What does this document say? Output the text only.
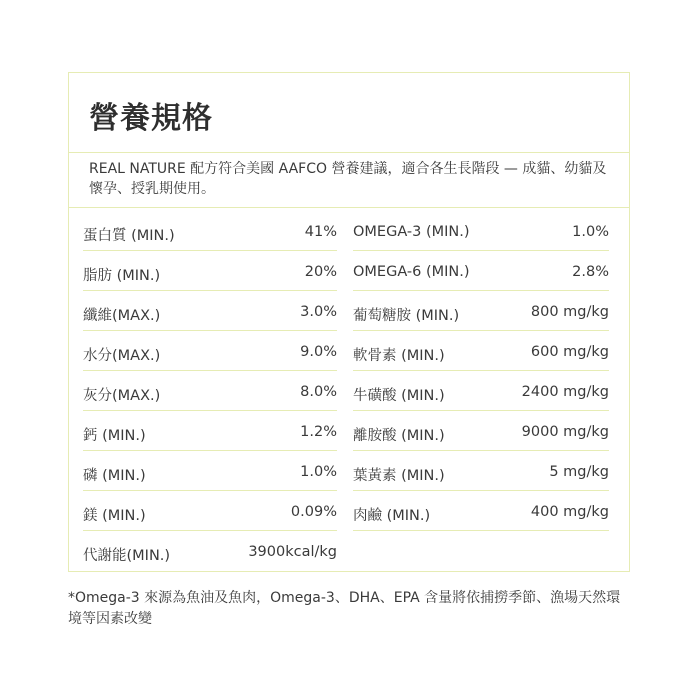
營養規格
REAL NATURE 配方符合美國 AAFCO 營養建議，適合各生長階段 — 成貓、幼貓及懷孕、授乳期使用。
蛋白質 (MIN.)	41%
脂肪 (MIN.)	20%
纖維(MAX.)	3.0%
水分(MAX.)	9.0%
灰分(MAX.)	8.0%
鈣 (MIN.)	1.2%
磷 (MIN.)	1.0%
鎂 (MIN.)	0.09%
代謝能(MIN.)	3900kcal/kg
OMEGA-3 (MIN.)	1.0%
OMEGA-6 (MIN.)	2.8%
葡萄糖胺 (MIN.)	800 mg/kg
軟骨素 (MIN.)	600 mg/kg
牛磺酸 (MIN.)	2400 mg/kg
離胺酸 (MIN.)	9000 mg/kg
葉黃素 (MIN.)	5 mg/kg
肉鹼 (MIN.)	400 mg/kg
*Omega-3 來源為魚油及魚肉，Omega-3、DHA、EPA 含量將依捕撈季節、漁場天然環境等因素改變
